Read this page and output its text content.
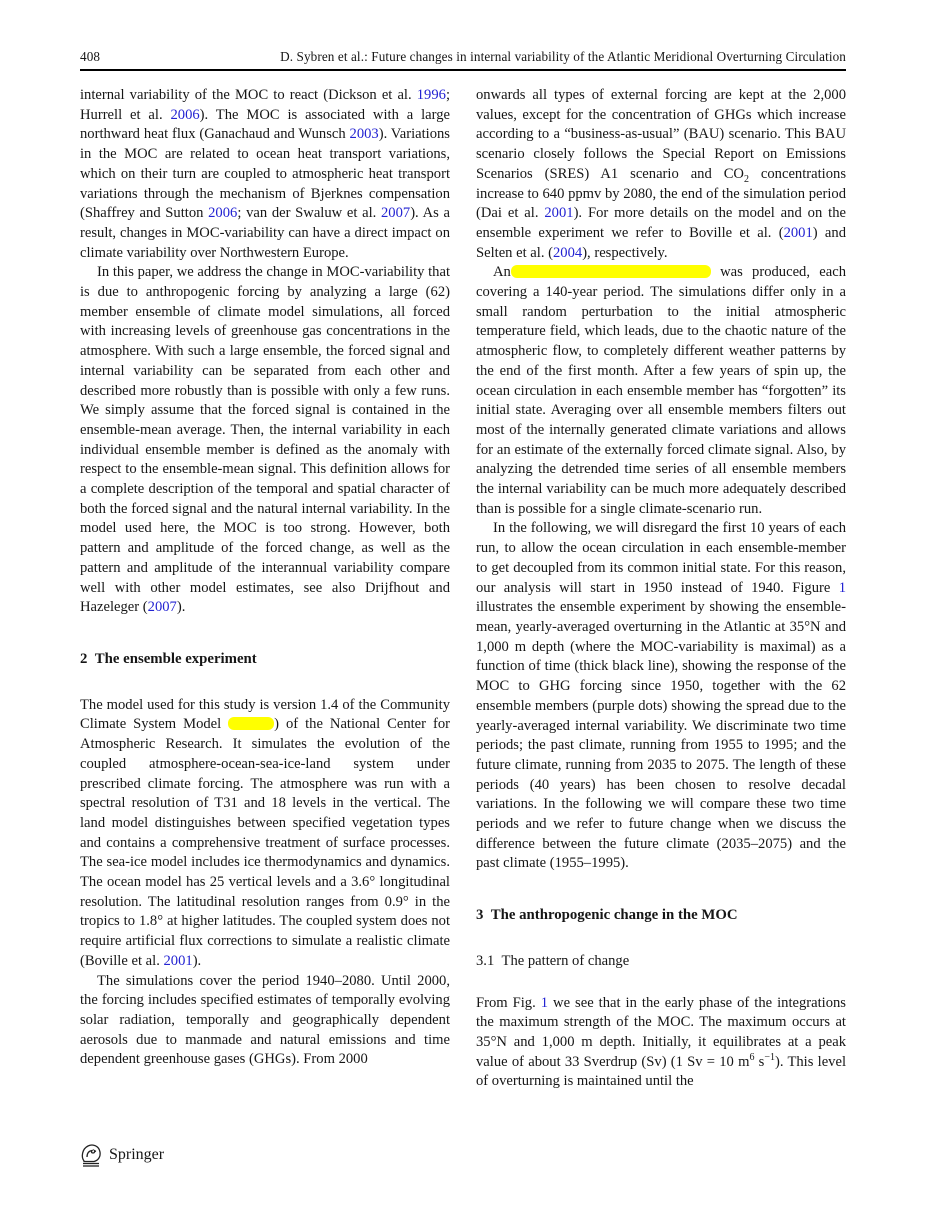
408	D. Sybren et al.: Future changes in internal variability of the Atlantic Meridional Overturning Circulation

internal variability of the MOC to react (Dickson et al. 1996; Hurrell et al. 2006). The MOC is associated with a large northward heat flux (Ganachaud and Wunsch 2003). Variations in the MOC are related to ocean heat transport variations, which on their turn are coupled to atmospheric heat transport variations through the mechanism of Bjerknes compensation (Shaffrey and Sutton 2006; van der Swaluw et al. 2007). As a result, changes in MOC-variability can have a direct impact on climate variability over Northwestern Europe.

In this paper, we address the change in MOC-variability that is due to anthropogenic forcing by analyzing a large (62) member ensemble of climate model simulations, all forced with increasing levels of greenhouse gas concentrations in the atmosphere. With such a large ensemble, the forced signal and internal variability can be separated from each other and described more robustly than is possible with only a few runs. We simply assume that the forced signal is contained in the ensemble-mean average. Then, the internal variability in each individual ensemble member is defined as the anomaly with respect to the ensemble-mean signal. This definition allows for a complete description of the temporal and spatial character of both the forced signal and the natural internal variability. In the model used here, the MOC is too strong. However, both pattern and amplitude of the forced change, as well as the pattern and amplitude of the interannual variability compare well with other model estimates, see also Drijfhout and Hazeleger (2007).

2 The ensemble experiment

The model used for this study is version 1.4 of the Community Climate System Model	) of the National Center for Atmospheric Research. It simulates the evolution of the coupled atmosphere-ocean-sea-ice-land system under prescribed climate forcing. The atmosphere was run with a spectral resolution of T31 and 18 levels in the vertical. The land model distinguishes between specified vegetation types and contains a comprehensive treatment of surface processes. The sea-ice model includes ice thermodynamics and dynamics. The ocean model has 25 vertical levels and a 3.6° longitudinal resolution. The latitudinal resolution ranges from 0.9° in the tropics to 1.8° at higher latitudes. The coupled system does not require artificial flux corrections to simulate a realistic climate (Boville et al. 2001).

The simulations cover the period 1940–2080. Until 2000, the forcing includes specified estimates of temporally evolving solar radiation, temporally and geographically dependent aerosols due to manmade and natural emissions and time dependent greenhouse gases (GHGs). From 2000

onwards all types of external forcing are kept at the 2,000 values, except for the concentration of GHGs which increase according to a “business-as-usual” (BAU) scenario. This BAU scenario closely follows the Special Report on Emissions Scenarios (SRES) A1 scenario and $CO_2$ concentrations increase to 640 ppmv by 2080, the end of the simulation period (Dai et al. 2001). For more details on the model and on the ensemble experiment we refer to Boville et al. (2001) and Selten et al. (2004), respectively.

An	was produced, each covering a 140-year period. The simulations differ only in a small random perturbation to the initial atmospheric temperature field, which leads, due to the chaotic nature of the atmospheric flow, to completely different weather patterns by the end of the first month. After a few years of spin up, the ocean circulation in each ensemble member has “forgotten” its initial state. Averaging over all ensemble members filters out most of the internally generated climate variations and allows for an estimate of the externally forced climate signal. Also, by analyzing the detrended time series of all ensemble members the internal variability can be much more adequately described than is possible for a single climate-scenario run.

In the following, we will disregard the first 10 years of each run, to allow the ocean circulation in each ensemble-member to get decoupled from its common initial state. For this reason, our analysis will start in 1950 instead of 1940. Figure 1 illustrates the ensemble experiment by showing the ensemble-mean, yearly-averaged overturning in the Atlantic at 35°N and 1,000 m depth (where the MOC-variability is maximal) as a function of time (thick black line), showing the response of the MOC to GHG forcing since 1950, together with the 62 ensemble members (purple dots) showing the spread due to the yearly-averaged internal variability. We discriminate two time periods; the past climate, running from 1955 to 1995; and the future climate, running from 2035 to 2075. The length of these periods (40 years) has been chosen to resolve decadal variations. In the following we will compare these two time periods and we refer to future change when we discuss the difference between the future climate (2035–2075) and the past climate (1955–1995).

3 The anthropogenic change in the MOC

3.1 The pattern of change

From Fig. 1 we see that in the early phase of the integrations the maximum strength of the MOC. The maximum occurs at 35°N and 1,000 m depth. Initially, it equilibrates at a peak value of about 33 Sverdrup (Sv) (1 Sv = 10 $m^6$ $s^{-1}$). This level of overturning is maintained until the

Springer
